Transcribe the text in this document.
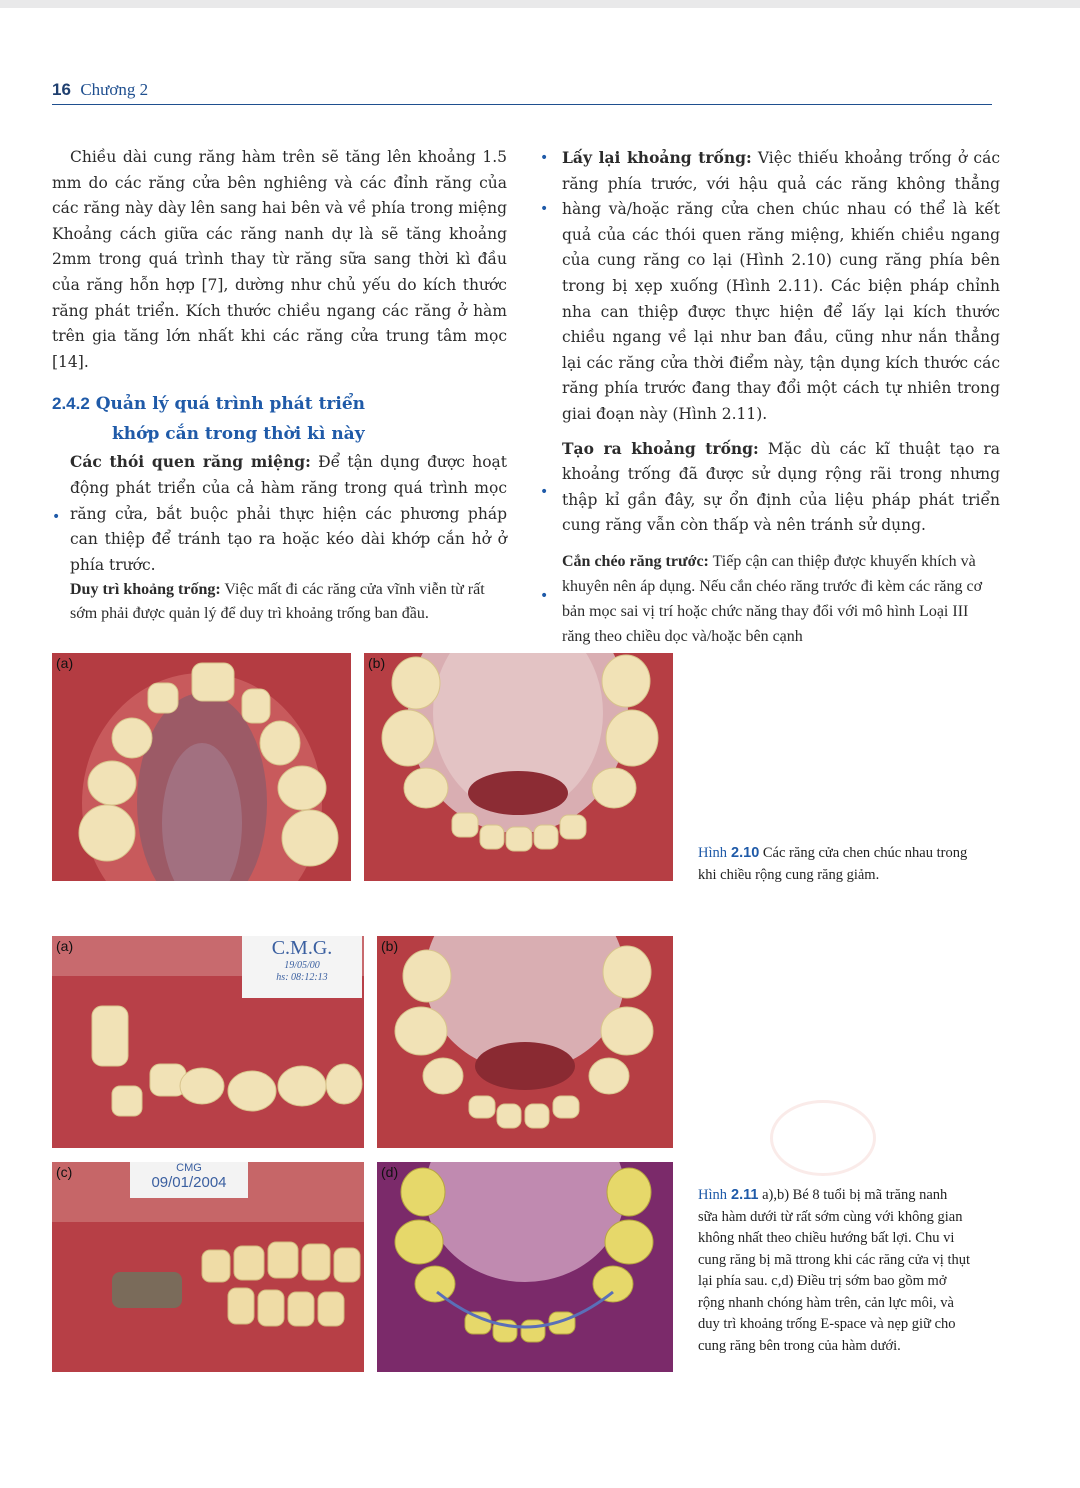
16 Chương 2

Chiều dài cung răng hàm trên sẽ tăng lên khoảng 1.5 mm do các răng cửa bên nghiêng và các đỉnh răng của các răng này dày lên sang hai bên và về phía trong miệng Khoảng cách giữa các răng nanh dự là sẽ tăng khoảng 2mm trong quá trình thay từ răng sữa sang thời kì đầu của răng hỗn hợp [7], dường như chủ yếu do kích thước răng phát triển. Kích thước chiều ngang các răng ở hàm trên gia tăng lớn nhất khi các răng cửa trung tâm mọc [14].

2.4.2 Quản lý quá trình phát triển
khớp cắn trong thời kì này

Các thói quen răng miệng: Để tận dụng được hoạt động phát triển của cả hàm răng trong quá trình mọc răng cửa, bắt buộc phải thực hiện các phương pháp can thiệp để tránh tạo ra hoặc kéo dài khớp cắn hở ở phía trước.

Duy trì khoảng trống: Việc mất đi các răng cửa vĩnh viễn từ rất sớm phải được quản lý để duy trì khoảng trống ban đầu.

Lấy lại khoảng trống: Việc thiếu khoảng trống ở các răng phía trước, với hậu quả các răng không thẳng hàng và/hoặc răng cửa chen chúc nhau có thể là kết quả của các thói quen răng miệng, khiến chiều ngang của cung răng co lại (Hình 2.10) cung răng phía bên trong bị xẹp xuống (Hình 2.11). Các biện pháp chỉnh nha can thiệp được thực hiện để lấy lại kích thước chiều ngang về lại như ban đầu, cũng như nắn thẳng lại các răng cửa thời điểm này, tận dụng kích thước các răng phía trước đang thay đổi một cách tự nhiên trong giai đoạn này (Hình 2.11).

Tạo ra khoảng trống: Mặc dù các kĩ thuật tạo ra khoảng trống đã được sử dụng rộng rãi trong nhưng thập kỉ gần đây, sự ổn định của liệu pháp phát triển cung răng vẫn còn thấp và nên tránh sử dụng.

Cắn chéo răng trước: Tiếp cận can thiệp được khuyến khích và khuyên nên áp dụng. Nếu cắn chéo răng trước đi kèm các răng cơ bản mọc sai vị trí hoặc chức năng thay đổi với mô hình Loại III răng theo chiều dọc và/hoặc bên cạnh

•
•
•
•
•
(a)	(b)
Hình 2.10 Các răng cửa chen chúc nhau trong khi chiều rộng cung răng giảm.
C.M.G.
19/05/00
hs: 08:12:13
(a)	(b)
CMG
09/01/2004
(c)	(d)
Hình 2.11 a),b) Bé 8 tuổi bị mã trăng nanh sữa hàm dưới từ rất sớm cùng với không gian không nhất theo chiều hướng bất lợi. Chu vi cung răng bị mã ttrong khi các răng cửa vị thụt lại phía sau. c,d) Điều trị sớm bao gồm mở rộng nhanh chóng hàm trên, cản lực môi, và duy trì khoảng trống E-space và nẹp giữ cho cung răng bên trong của hàm dưới.
